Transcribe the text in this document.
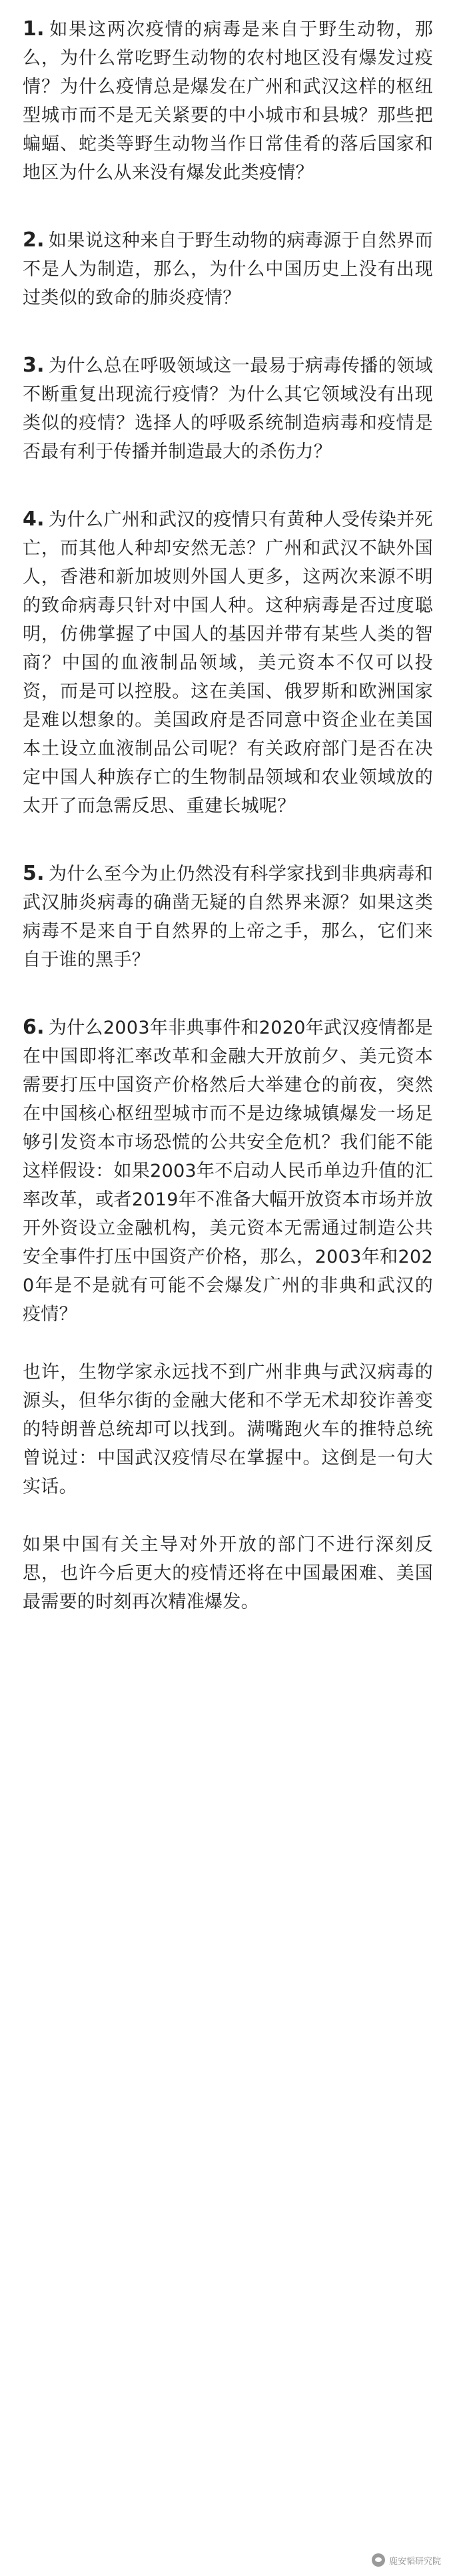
1. 如果这两次疫情的病毒是来自于野生动物，那么，为什么常吃野生动物的农村地区没有爆发过疫情？为什么疫情总是爆发在广州和武汉这样的枢纽型城市而不是无关紧要的中小城市和县城？那些把蝙蝠、蛇类等野生动物当作日常佳肴的落后国家和地区为什么从来没有爆发此类疫情？

2. 如果说这种来自于野生动物的病毒源于自然界而不是人为制造，那么，为什么中国历史上没有出现过类似的致命的肺炎疫情？

3. 为什么总在呼吸领域这一最易于病毒传播的领域不断重复出现流行疫情？为什么其它领域没有出现类似的疫情？选择人的呼吸系统制造病毒和疫情是否最有利于传播并制造最大的杀伤力？

4. 为什么广州和武汉的疫情只有黄种人受传染并死亡，而其他人种却安然无恙？广州和武汉不缺外国人，香港和新加坡则外国人更多，这两次来源不明的致命病毒只针对中国人种。这种病毒是否过度聪明，仿佛掌握了中国人的基因并带有某些人类的智商？中国的血液制品领域，美元资本不仅可以投资，而是可以控股。这在美国、俄罗斯和欧洲国家是难以想象的。美国政府是否同意中资企业在美国本土设立血液制品公司呢？有关政府部门是否在决定中国人种族存亡的生物制品领域和农业领域放的太开了而急需反思、重建长城呢？

5. 为什么至今为止仍然没有科学家找到非典病毒和武汉肺炎病毒的确凿无疑的自然界来源？如果这类病毒不是来自于自然界的上帝之手，那么，它们来自于谁的黑手？

6. 为什么2003年非典事件和2020年武汉疫情都是在中国即将汇率改革和金融大开放前夕、美元资本需要打压中国资产价格然后大举建仓的前夜，突然在中国核心枢纽型城市而不是边缘城镇爆发一场足够引发资本市场恐慌的公共安全危机？我们能不能这样假设：如果2003年不启动人民币单边升值的汇率改革，或者2019年不准备大幅开放资本市场并放开外资设立金融机构，美元资本无需通过制造公共安全事件打压中国资产价格，那么，2003年和2020年是不是就有可能不会爆发广州的非典和武汉的疫情？

也许，生物学家永远找不到广州非典与武汉病毒的源头，但华尔街的金融大佬和不学无术却狡诈善变的特朗普总统却可以找到。满嘴跑火车的推特总统曾说过：中国武汉疫情尽在掌握中。这倒是一句大实话。

如果中国有关主导对外开放的部门不进行深刻反思，也许今后更大的疫情还将在中国最困难、美国最需要的时刻再次精准爆发。

鹿安韬研究院
